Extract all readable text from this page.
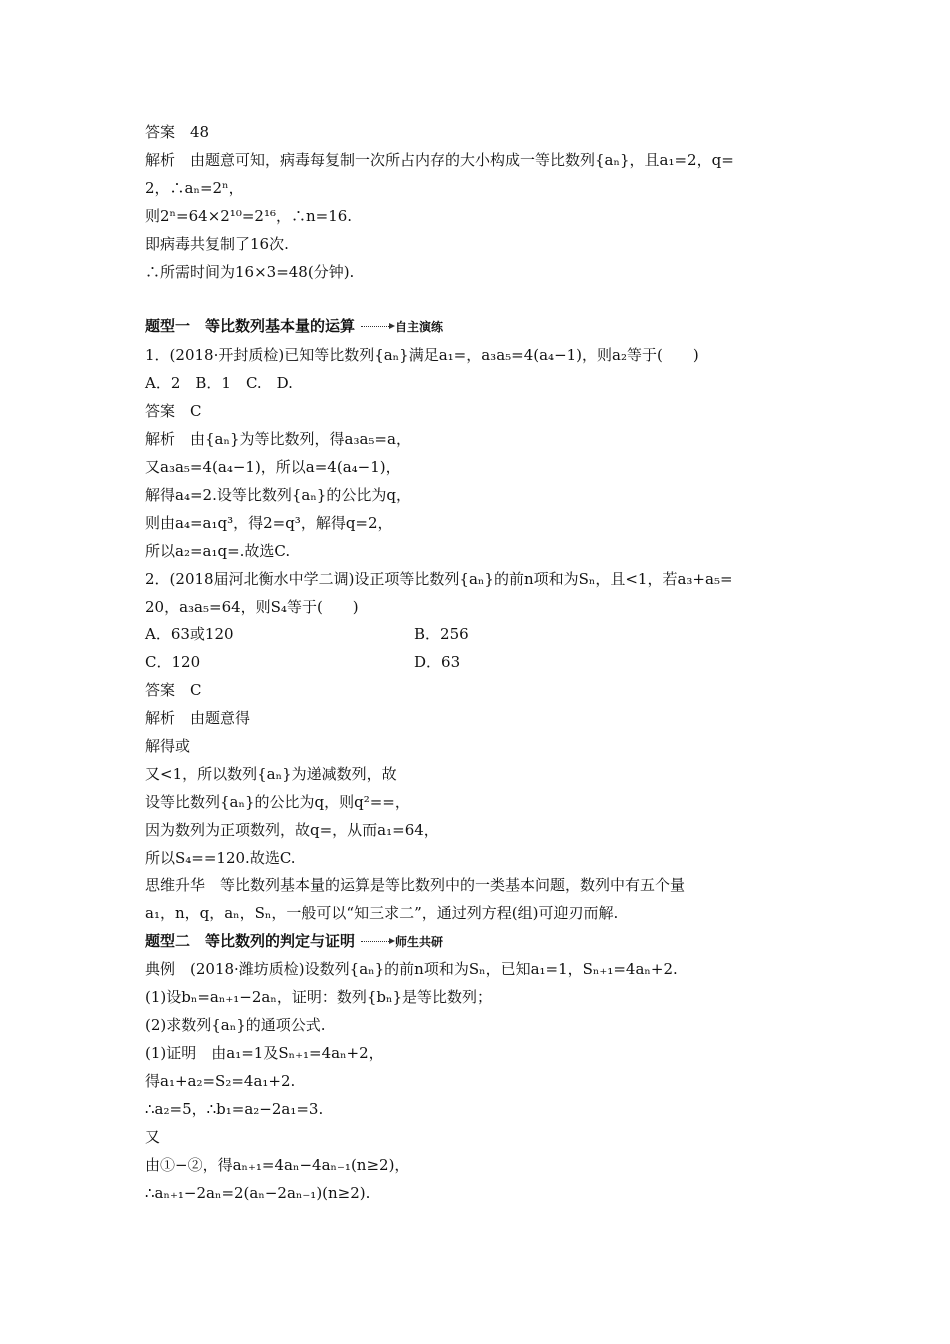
答案　48
解析　由题意可知，病毒每复制一次所占内存的大小构成一等比数列{aₙ}，且a₁=2，q=
2，∴aₙ=2ⁿ，
则2ⁿ=64×2¹⁰=2¹⁶，∴n=16.
即病毒共复制了16次.
∴所需时间为16×3=48(分钟).
题型一　等比数列基本量的运算	自主演练
1．(2018·开封质检)已知等比数列{aₙ}满足a₁=，a₃a₅=4(a₄−1)，则a₂等于(　　)
A．2　B．1　C.　D.
答案　C
解析　由{aₙ}为等比数列，得a₃a₅=a，
又a₃a₅=4(a₄−1)，所以a=4(a₄−1)，
解得a₄=2.设等比数列{aₙ}的公比为q，
则由a₄=a₁q³，得2=q³，解得q=2，
所以a₂=a₁q=.故选C.
2．(2018届河北衡水中学二调)设正项等比数列{aₙ}的前n项和为Sₙ，且<1，若a₃+a₅=
20，a₃a₅=64，则S₄等于(　　)
A．63或120	B．256
C．120	D．63
答案　C
解析　由题意得
解得或
又<1，所以数列{aₙ}为递减数列，故
设等比数列{aₙ}的公比为q，则q²==，
因为数列为正项数列，故q=，从而a₁=64，
所以S₄==120.故选C.
思维升华　等比数列基本量的运算是等比数列中的一类基本问题，数列中有五个量
a₁，n，q，aₙ，Sₙ，一般可以“知三求二”，通过列方程(组)可迎刃而解.
题型二　等比数列的判定与证明	师生共研
典例　(2018·潍坊质检)设数列{aₙ}的前n项和为Sₙ，已知a₁=1，Sₙ₊₁=4aₙ+2.
(1)设bₙ=aₙ₊₁−2aₙ，证明：数列{bₙ}是等比数列；
(2)求数列{aₙ}的通项公式.
(1)证明　由a₁=1及Sₙ₊₁=4aₙ+2，
得a₁+a₂=S₂=4a₁+2.
∴a₂=5，∴b₁=a₂−2a₁=3.
又
由①−②，得aₙ₊₁=4aₙ−4aₙ₋₁(n≥2)，
∴aₙ₊₁−2aₙ=2(aₙ−2aₙ₋₁)(n≥2).
